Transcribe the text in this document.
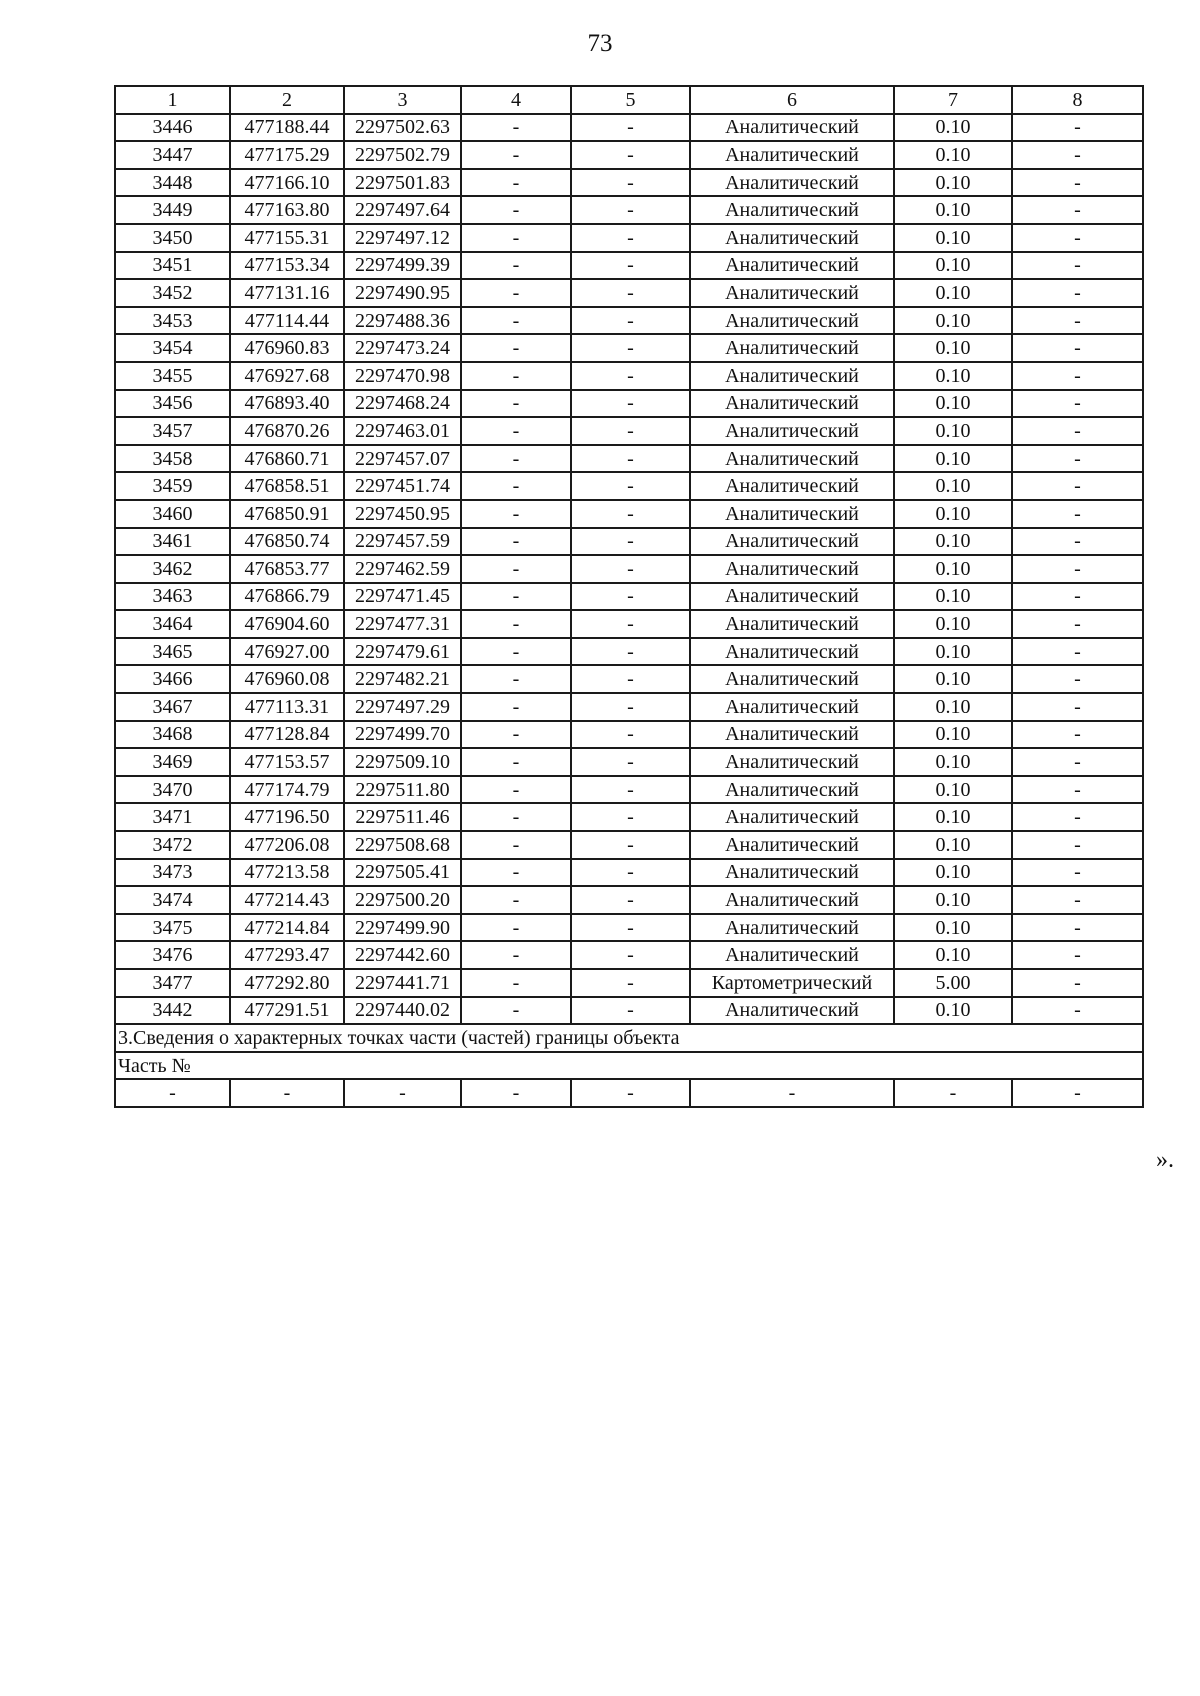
73
1	2	3	4	5	6	7	8
3446	477188.44	2297502.63	-	-	Аналитический	0.10	-
3447	477175.29	2297502.79	-	-	Аналитический	0.10	-
3448	477166.10	2297501.83	-	-	Аналитический	0.10	-
3449	477163.80	2297497.64	-	-	Аналитический	0.10	-
3450	477155.31	2297497.12	-	-	Аналитический	0.10	-
3451	477153.34	2297499.39	-	-	Аналитический	0.10	-
3452	477131.16	2297490.95	-	-	Аналитический	0.10	-
3453	477114.44	2297488.36	-	-	Аналитический	0.10	-
3454	476960.83	2297473.24	-	-	Аналитический	0.10	-
3455	476927.68	2297470.98	-	-	Аналитический	0.10	-
3456	476893.40	2297468.24	-	-	Аналитический	0.10	-
3457	476870.26	2297463.01	-	-	Аналитический	0.10	-
3458	476860.71	2297457.07	-	-	Аналитический	0.10	-
3459	476858.51	2297451.74	-	-	Аналитический	0.10	-
3460	476850.91	2297450.95	-	-	Аналитический	0.10	-
3461	476850.74	2297457.59	-	-	Аналитический	0.10	-
3462	476853.77	2297462.59	-	-	Аналитический	0.10	-
3463	476866.79	2297471.45	-	-	Аналитический	0.10	-
3464	476904.60	2297477.31	-	-	Аналитический	0.10	-
3465	476927.00	2297479.61	-	-	Аналитический	0.10	-
3466	476960.08	2297482.21	-	-	Аналитический	0.10	-
3467	477113.31	2297497.29	-	-	Аналитический	0.10	-
3468	477128.84	2297499.70	-	-	Аналитический	0.10	-
3469	477153.57	2297509.10	-	-	Аналитический	0.10	-
3470	477174.79	2297511.80	-	-	Аналитический	0.10	-
3471	477196.50	2297511.46	-	-	Аналитический	0.10	-
3472	477206.08	2297508.68	-	-	Аналитический	0.10	-
3473	477213.58	2297505.41	-	-	Аналитический	0.10	-
3474	477214.43	2297500.20	-	-	Аналитический	0.10	-
3475	477214.84	2297499.90	-	-	Аналитический	0.10	-
3476	477293.47	2297442.60	-	-	Аналитический	0.10	-
3477	477292.80	2297441.71	-	-	Картометрический	5.00	-
3442	477291.51	2297440.02	-	-	Аналитический	0.10	-
3.Сведения о характерных точках части (частей) границы объекта							
Часть №							
-	-	-	-	-	-	-	-
».
